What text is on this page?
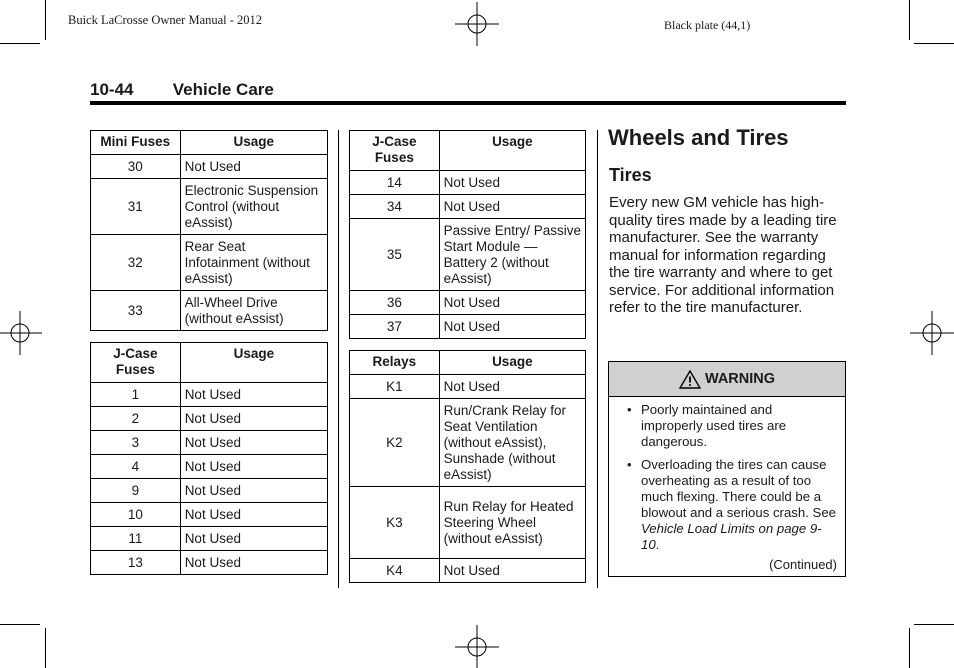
Buick LaCrosse Owner Manual - 2012	Black plate (44,1)
10-44 Vehicle Care
Mini Fuses	Usage
30	Not Used
31	Electronic Suspension Control (without eAssist)
32	Rear Seat Infotainment (without eAssist)
33	All-Wheel Drive (without eAssist)
J-Case Fuses	Usage
1	Not Used
2	Not Used
3	Not Used
4	Not Used
9	Not Used
10	Not Used
11	Not Used
13	Not Used
J-Case Fuses	Usage
14	Not Used
34	Not Used
35	Passive Entry/ Passive Start Module — Battery 2 (without eAssist)
36	Not Used
37	Not Used
Relays	Usage
K1	Not Used
K2	Run/Crank Relay for Seat Ventilation (without eAssist), Sunshade (without eAssist)
K3	Run Relay for Heated Steering Wheel (without eAssist)
K4	Not Used
Wheels and Tires
Tires

Every new GM vehicle has high-quality tires made by a leading tire manufacturer. See the warranty manual for information regarding the tire warranty and where to get service. For additional information refer to the tire manufacturer.

WARNING
• Poorly maintained and improperly used tires are dangerous.
• Overloading the tires can cause overheating as a result of too much flexing. There could be a blowout and a serious crash. See Vehicle Load Limits on page 9-10.
(Continued)
